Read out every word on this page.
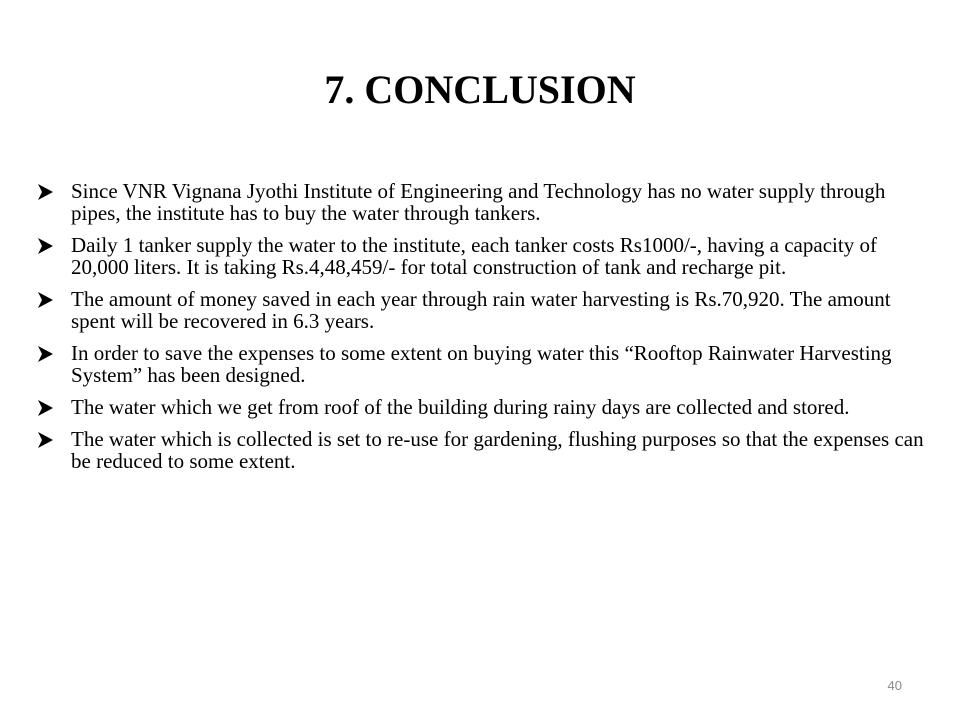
7. CONCLUSION
Since VNR Vignana Jyothi Institute of Engineering and Technology has no water supply through pipes, the institute has to buy the water through tankers.
Daily 1 tanker supply the water to the institute, each tanker costs Rs1000/-, having a capacity of 20,000 liters. It is taking Rs.4,48,459/- for total construction of tank and recharge pit.
The amount of money saved in each year through rain water harvesting is Rs.70,920. The amount spent will be recovered in 6.3 years.
In order to save the expenses to some extent on buying water this “Rooftop Rainwater Harvesting System” has been designed.
The water which we get from roof of the building during rainy days are collected and stored.
The water which is collected is set to re-use for gardening, flushing purposes so that the expenses can be reduced to some extent.
40
